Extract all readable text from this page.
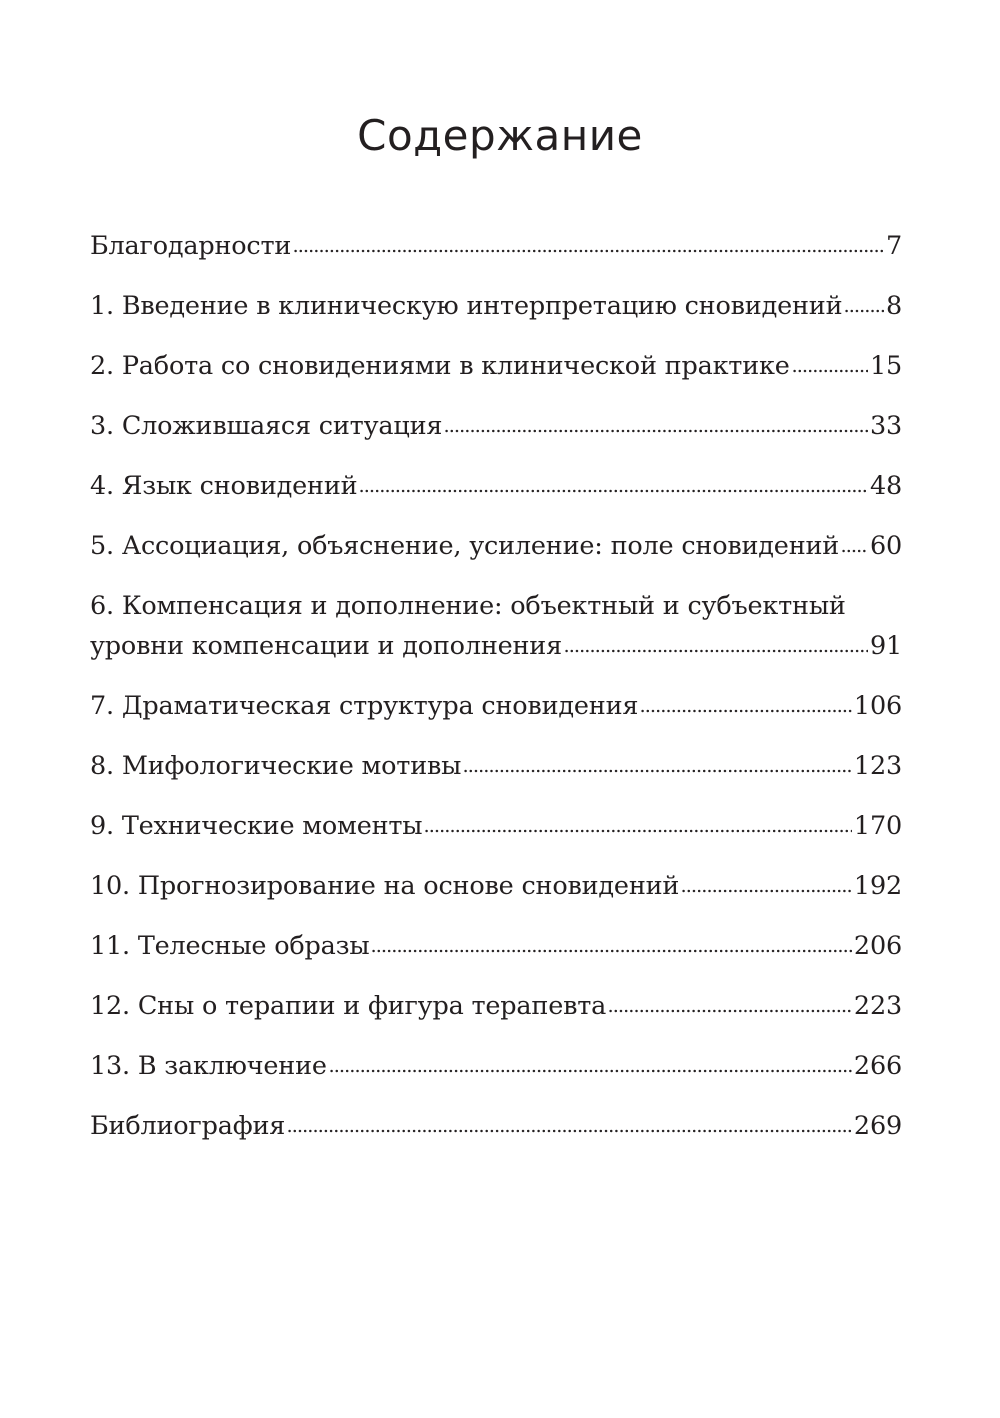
Содержание
Благодарности	7
1. Введение в клиническую интерпретацию сновидений 8
2. Работа со сновидениями в клинической практике	15
3. Сложившаяся ситуация	33
4. Язык сновидений	48
5. Ассоциация, объяснение, усиление: поле сновидений 60
6. Компенсация и дополнение: объектный и субъектный
уровни компенсации и дополнения	91
7. Драматическая структура сновидения	106
8. Мифологические мотивы	123
9. Технические моменты	170
10. Прогнозирование на основе сновидений	192
11. Телесные образы	206
12. Сны о терапии и фигура терапевта	223
13. В заключение	266
Библиография	269
